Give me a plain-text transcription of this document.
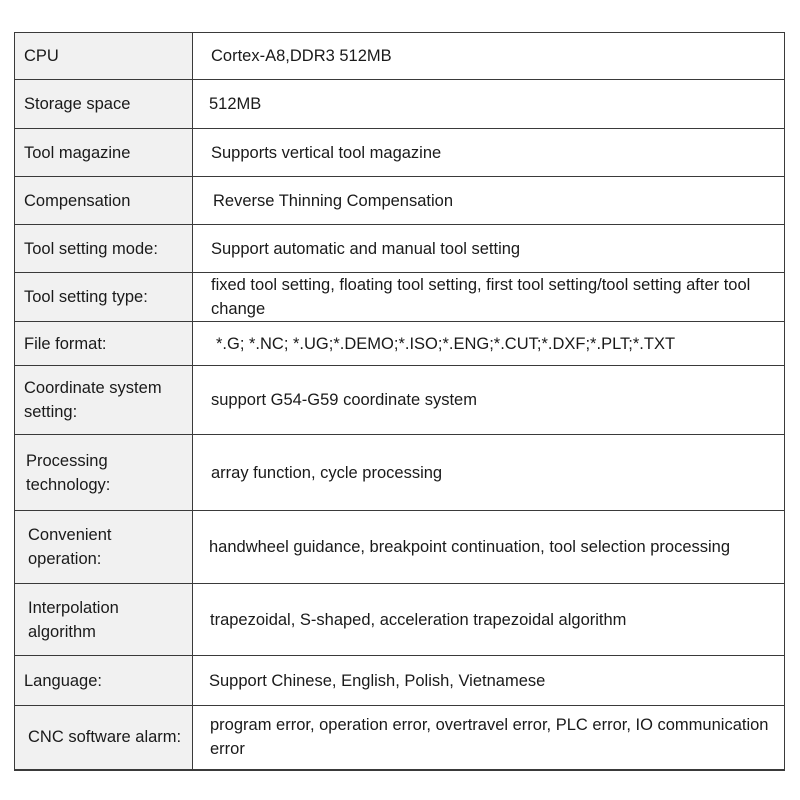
CPU	Cortex-A8,DDR3 512MB

Storage space	512MB

Tool magazine	Supports vertical tool magazine

Compensation	Reverse Thinning Compensation

Tool setting mode:	Support automatic and manual tool setting

Tool setting type:	fixed tool setting, floating tool setting, first tool setting/tool setting after tool change

File format:	*.G; *.NC; *.UG;*.DEMO;*.ISO;*.ENG;*.CUT;*.DXF;*.PLT;*.TXT

Coordinate system setting:	support G54-G59 coordinate system

Processing technology:	array function, cycle processing

Convenient operation:	handwheel guidance, breakpoint continuation, tool selection processing

Interpolation algorithm	trapezoidal, S-shaped, acceleration trapezoidal algorithm

Language:	Support Chinese, English, Polish, Vietnamese

CNC software alarm:	program error, operation error, overtravel error, PLC error, IO communication error
